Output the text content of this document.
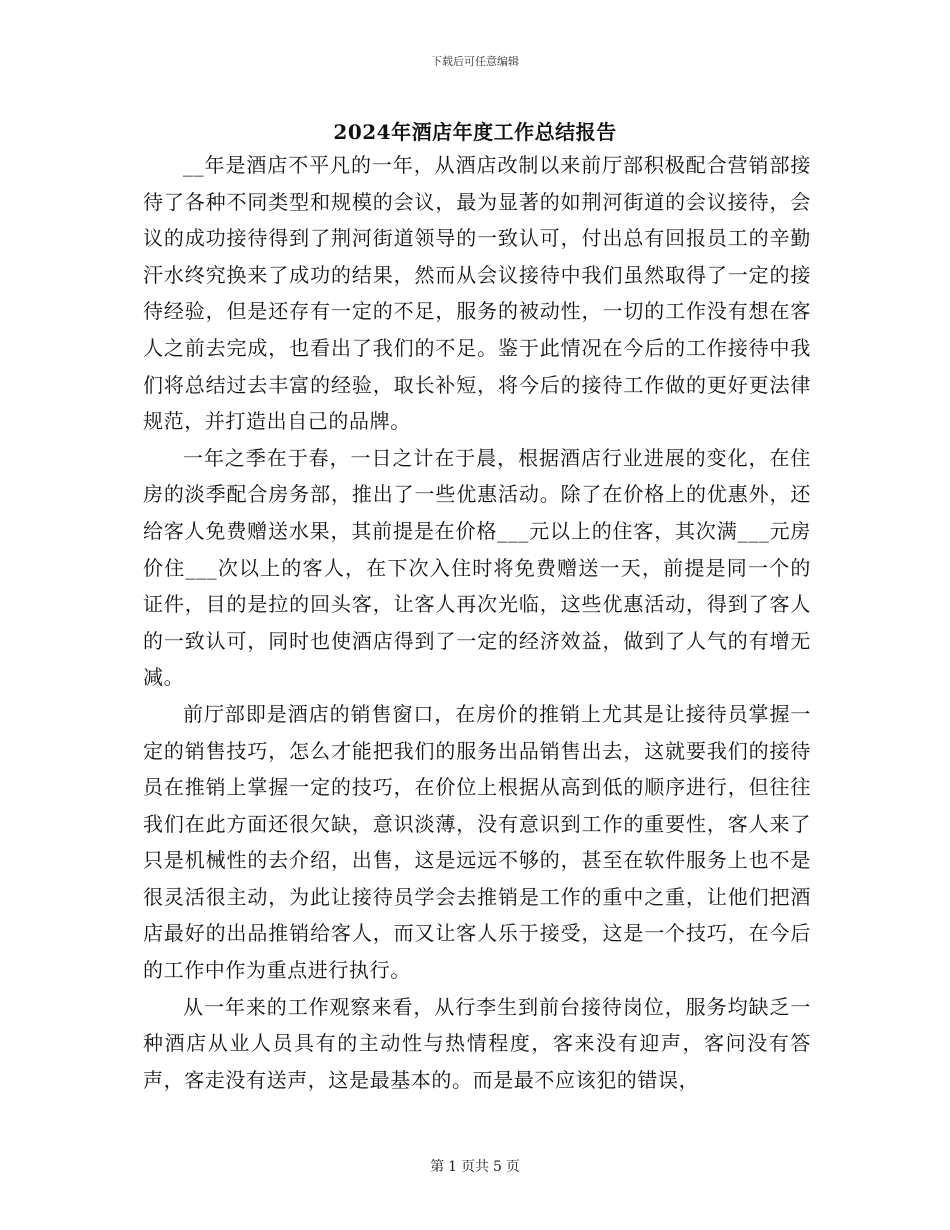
下载后可任意编辑
2024年酒店年度工作总结报告

__年是酒店不平凡的一年，从酒店改制以来前厅部积极配合营销部接待了各种不同类型和规模的会议，最为显著的如荆河街道的会议接待，会议的成功接待得到了荆河街道领导的一致认可，付出总有回报员工的辛勤汗水终究换来了成功的结果，然而从会议接待中我们虽然取得了一定的接待经验，但是还存有一定的不足，服务的被动性，一切的工作没有想在客人之前去完成，也看出了我们的不足。鉴于此情况在今后的工作接待中我们将总结过去丰富的经验，取长补短，将今后的接待工作做的更好更法律规范，并打造出自己的品牌。

一年之季在于春，一日之计在于晨，根据酒店行业进展的变化，在住房的淡季配合房务部，推出了一些优惠活动。除了在价格上的优惠外，还给客人免费赠送水果，其前提是在价格___元以上的住客，其次满___元房价住___次以上的客人，在下次入住时将免费赠送一天，前提是同一个的证件，目的是拉的回头客，让客人再次光临，这些优惠活动，得到了客人的一致认可，同时也使酒店得到了一定的经济效益，做到了人气的有增无减。

前厅部即是酒店的销售窗口，在房价的推销上尤其是让接待员掌握一定的销售技巧，怎么才能把我们的服务出品销售出去，这就要我们的接待员在推销上掌握一定的技巧，在价位上根据从高到低的顺序进行，但往往我们在此方面还很欠缺，意识淡薄，没有意识到工作的重要性，客人来了只是机械性的去介绍，出售，这是远远不够的，甚至在软件服务上也不是很灵活很主动，为此让接待员学会去推销是工作的重中之重，让他们把酒店最好的出品推销给客人，而又让客人乐于接受，这是一个技巧，在今后的工作中作为重点进行执行。

从一年来的工作观察来看，从行李生到前台接待岗位，服务均缺乏一种酒店从业人员具有的主动性与热情程度，客来没有迎声，客问没有答声，客走没有送声，这是最基本的。而是最不应该犯的错误，

第 1 页共 5 页
